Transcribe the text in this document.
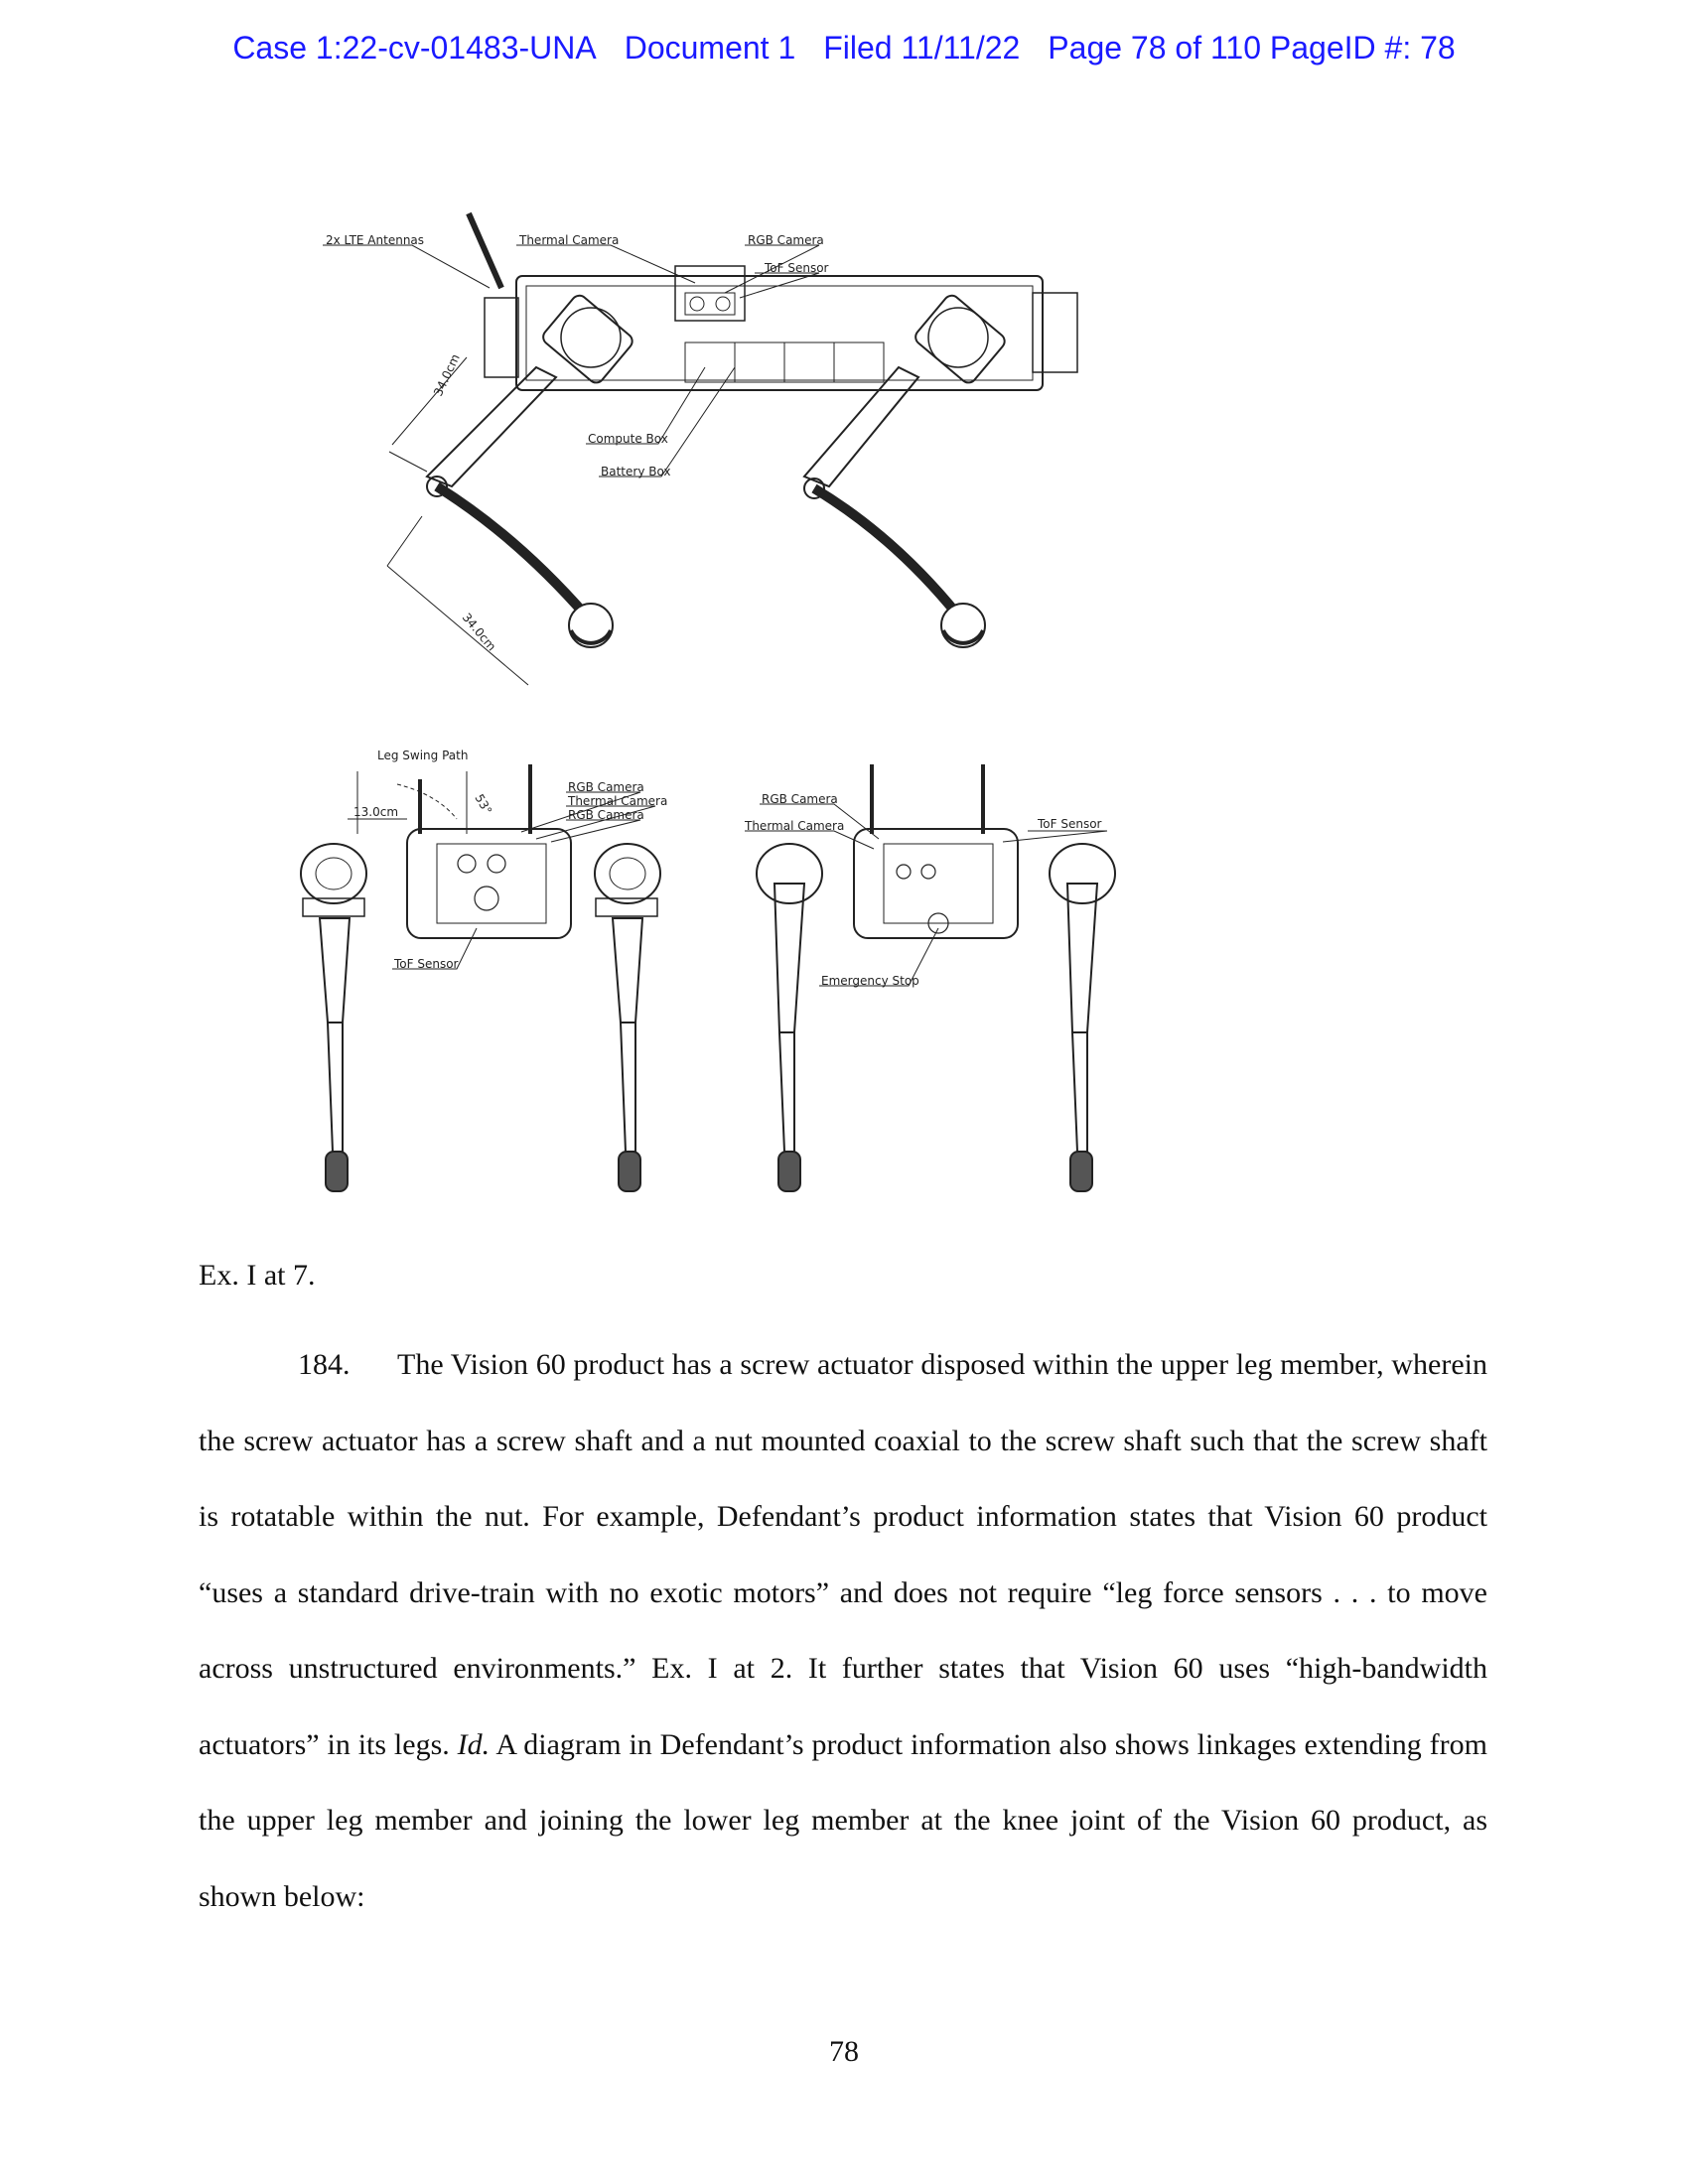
Case 1:22-cv-01483-UNA Document 1 Filed 11/11/22 Page 78 of 110 PageID #: 78
2x LTE Antennas	Thermal Camera	RGB Camera
ToF Sensor
Compute Box
Battery Box
34.0cm
34.0cm
Leg Swing Path
13.0cm	53°
RGB Camera
Thermal Camera
RGB Camera
ToF Sensor
RGB Camera
Thermal Camera	ToF Sensor
Emergency Stop
Ex. I at 7.
184. The Vision 60 product has a screw actuator disposed within the upper leg member, wherein the screw actuator has a screw shaft and a nut mounted coaxial to the screw shaft such that the screw shaft is rotatable within the nut. For example, Defendant’s product information states that Vision 60 product “uses a standard drive-train with no exotic motors” and does not require “leg force sensors . . . to move across unstructured environments.” Ex. I at 2. It further states that Vision 60 uses “high-bandwidth actuators” in its legs. Id. A diagram in Defendant’s product information also shows linkages extending from the upper leg member and joining the lower leg member at the knee joint of the Vision 60 product, as shown below:
78
